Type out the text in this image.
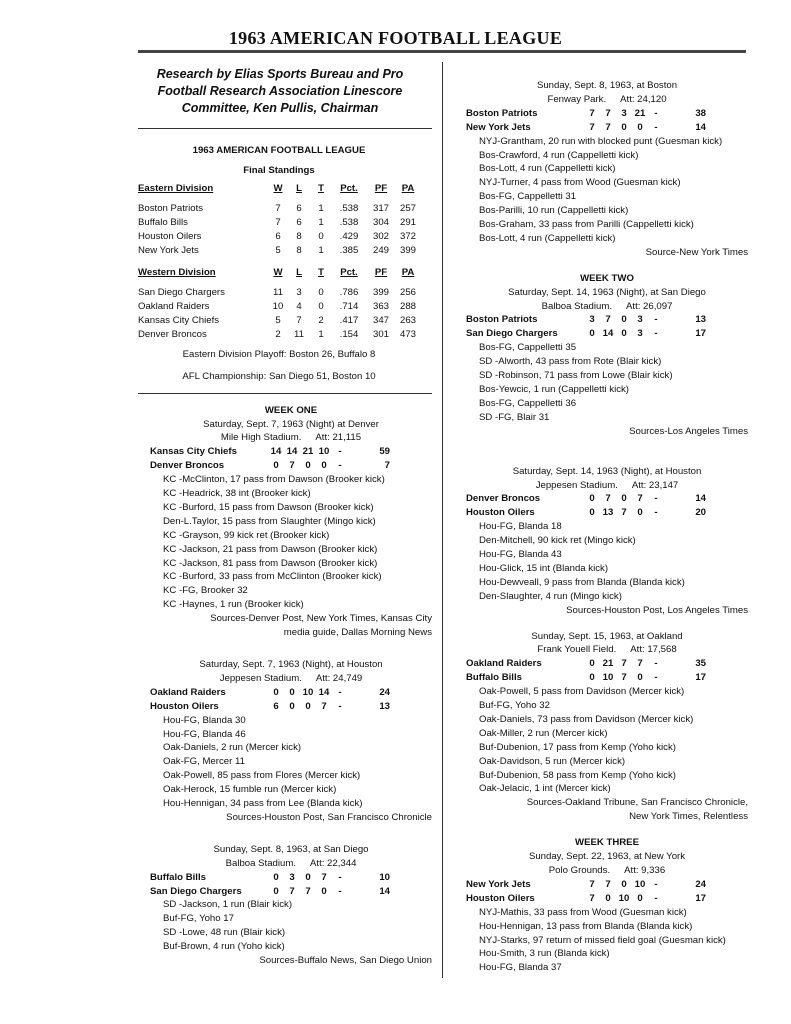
1963 AMERICAN FOOTBALL LEAGUE
Research by Elias Sports Bureau and Pro Football Research Association Linescore Committee, Ken Pullis, Chairman
1963 AMERICAN FOOTBALL LEAGUE
Final Standings
Eastern Division	W	L	T	Pct.	PF	PA

Boston Patriots	7	6	1	.538	317	257
Buffalo Bills	7	6	1	.538	304	291
Houston Oilers	6	8	0	.429	302	372
New York Jets	5	8	1	.385	249	399
Western Division	W	L	T	Pct.	PF	PA

San Diego Chargers	11	3	0	.786	399	256
Oakland Raiders	10	4	0	.714	363	288
Kansas City Chiefs	5	7	2	.417	347	263
Denver Broncos	2	11	1	.154	301	473
Eastern Division Playoff: Boston 26, Buffalo 8
AFL Championship: San Diego 51, Boston 10
WEEK ONE
Saturday, Sept. 7, 1963 (Night) at Denver
Mile High Stadium. Att: 21,115
Kansas City Chiefs	14 14 21 10 -	59
Denver Broncos	0	7	0	0	-	7
KC -McClinton, 17 pass from Dawson (Brooker kick)
KC -Headrick, 38 int (Brooker kick)
KC -Burford, 15 pass from Dawson (Brooker kick)
Den-L.Taylor, 15 pass from Slaughter (Mingo kick)
KC -Grayson, 99 kick ret (Brooker kick)
KC -Jackson, 21 pass from Dawson (Brooker kick)
KC -Jackson, 81 pass from Dawson (Brooker kick)
KC -Burford, 33 pass from McClinton (Brooker kick)
KC -FG, Brooker 32
KC -Haynes, 1 run (Brooker kick)
Sources-Denver Post, New York Times, Kansas City
media guide, Dallas Morning News
Saturday, Sept. 7, 1963 (Night), at Houston
Jeppesen Stadium. Att: 24,749
Oakland Raiders	0	0 10 14 -	24
Houston Oilers	6	0	0	7	-	13
Hou-FG, Blanda 30
Hou-FG, Blanda 46
Oak-Daniels, 2 run (Mercer kick)
Oak-FG, Mercer 11
Oak-Powell, 85 pass from Flores (Mercer kick)
Oak-Herock, 15 fumble run (Mercer kick)
Hou-Hennigan, 34 pass from Lee (Blanda kick)
Sources-Houston Post, San Francisco Chronicle
Sunday, Sept. 8, 1963, at San Diego
Balboa Stadium. Att: 22,344
Buffalo Bills	0	3	0	7	-	10
San Diego Chargers	0	7	7	0	-	14
SD -Jackson, 1 run (Blair kick)
Buf-FG, Yoho 17
SD -Lowe, 48 run (Blair kick)
Buf-Brown, 4 run (Yoho kick)
Sources-Buffalo News, San Diego Union
Sunday, Sept. 8, 1963, at Boston
Fenway Park. Att: 24,120
Boston Patriots	7	7	3 21 -	38
New York Jets	7	7	0	0	-	14
NYJ-Grantham, 20 run with blocked punt (Guesman kick)
Bos-Crawford, 4 run (Cappelletti kick)
Bos-Lott, 4 run (Cappelletti kick)
NYJ-Turner, 4 pass from Wood (Guesman kick)
Bos-FG, Cappelletti 31
Bos-Parilli, 10 run (Cappelletti kick)
Bos-Graham, 33 pass from Parilli (Cappelletti kick)
Bos-Lott, 4 run (Cappelletti kick)
Source-New York Times
WEEK TWO
Saturday, Sept. 14, 1963 (Night), at San Diego
Balboa Stadium. Att: 26,097
Boston Patriots	3	7	0	3	-	13
San Diego Chargers	0 14 0	3	-	17
Bos-FG, Cappelletti 35
SD -Alworth, 43 pass from Rote (Blair kick)
SD -Robinson, 71 pass from Lowe (Blair kick)
Bos-Yewcic, 1 run (Cappelletti kick)
Bos-FG, Cappelletti 36
SD -FG, Blair 31
Sources-Los Angeles Times
Saturday, Sept. 14, 1963 (Night), at Houston
Jeppesen Stadium. Att: 23,147
Denver Broncos	0	7	0	7	-	14
Houston Oilers	0 13 7	0	-	20
Hou-FG, Blanda 18
Den-Mitchell, 90 kick ret (Mingo kick)
Hou-FG, Blanda 43
Hou-Glick, 15 int (Blanda kick)
Hou-Dewveall, 9 pass from Blanda (Blanda kick)
Den-Slaughter, 4 run (Mingo kick)
Sources-Houston Post, Los Angeles Times
Sunday, Sept. 15, 1963, at Oakland
Frank Youell Field. Att: 17,568
Oakland Raiders	0 21 7	7	-	35
Buffalo Bills	0 10 7	0	-	17
Oak-Powell, 5 pass from Davidson (Mercer kick)
Buf-FG, Yoho 32
Oak-Daniels, 73 pass from Davidson (Mercer kick)
Oak-Miller, 2 run (Mercer kick)
Buf-Dubenion, 17 pass from Kemp (Yoho kick)
Oak-Davidson, 5 run (Mercer kick)
Buf-Dubenion, 58 pass from Kemp (Yoho kick)
Oak-Jelacic, 1 int (Mercer kick)
Sources-Oakland Tribune, San Francisco Chronicle,
New York Times, Relentless
WEEK THREE
Sunday, Sept. 22, 1963, at New York
Polo Grounds. Att: 9,336
New York Jets	7	7	0 10 -	24
Houston Oilers	7	0 10 0	-	17
NYJ-Mathis, 33 pass from Wood (Guesman kick)
Hou-Hennigan, 13 pass from Blanda (Blanda kick)
NYJ-Starks, 97 return of missed field goal (Guesman kick)
Hou-Smith, 3 run (Blanda kick)
Hou-FG, Blanda 37
